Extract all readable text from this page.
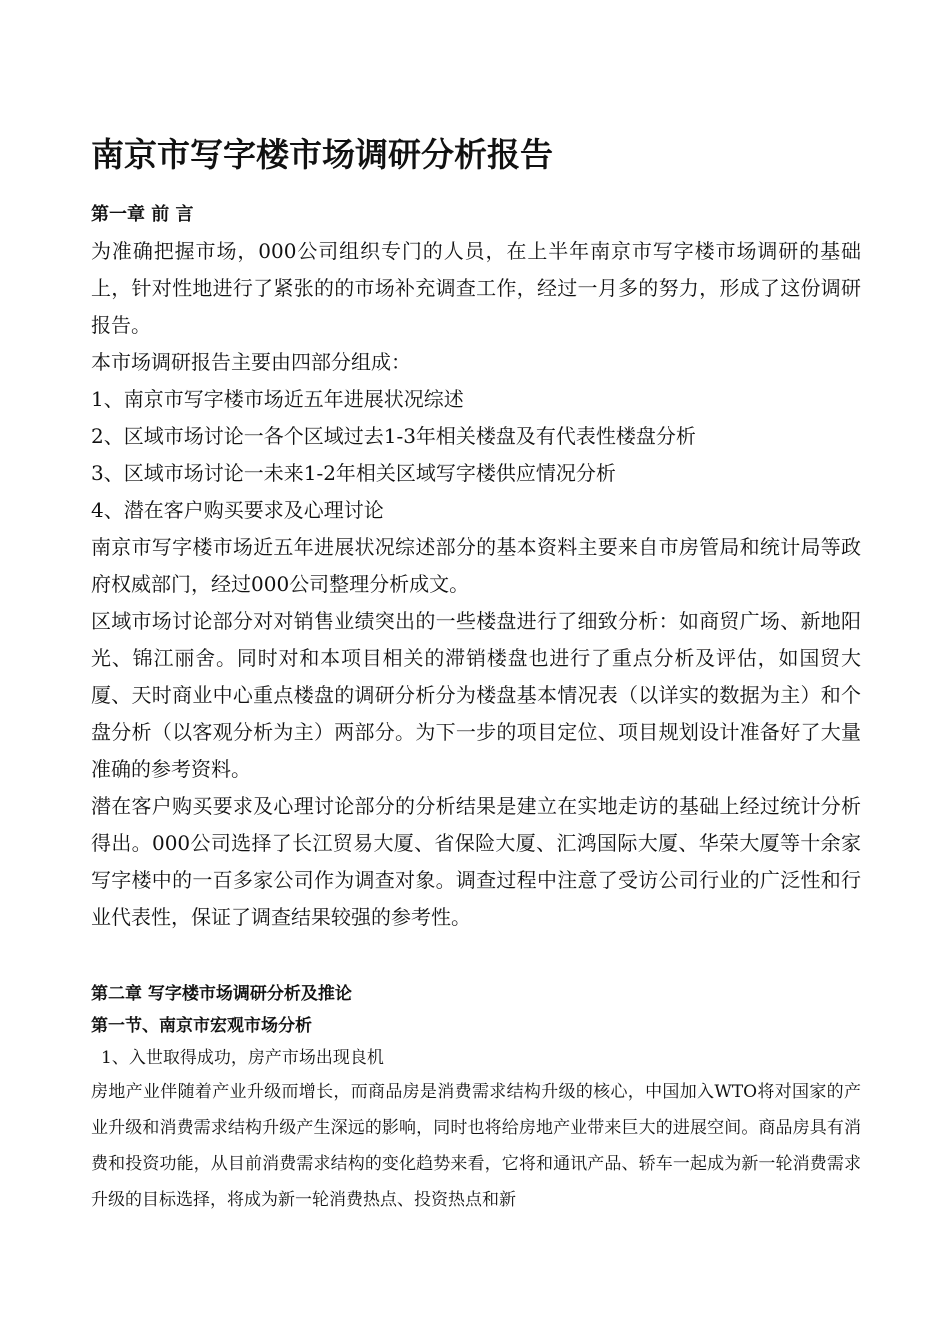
南京市写字楼市场调研分析报告

第一章 前 言

为准确把握市场，000公司组织专门的人员，在上半年南京市写字楼市场调研的基础上，针对性地进行了紧张的的市场补充调查工作，经过一月多的努力，形成了这份调研报告。

本市场调研报告主要由四部分组成：

1、南京市写字楼市场近五年进展状况综述

2、区域市场讨论一各个区域过去1-3年相关楼盘及有代表性楼盘分析

3、区域市场讨论一未来1-2年相关区域写字楼供应情况分析

4、潜在客户购买要求及心理讨论

南京市写字楼市场近五年进展状况综述部分的基本资料主要来自市房管局和统计局等政府权威部门，经过000公司整理分析成文。

区域市场讨论部分对对销售业绩突出的一些楼盘进行了细致分析：如商贸广场、新地阳光、锦江丽舍。同时对和本项目相关的滞销楼盘也进行了重点分析及评估，如国贸大厦、天时商业中心重点楼盘的调研分析分为楼盘基本情况表（以详实的数据为主）和个盘分析（以客观分析为主）两部分。为下一步的项目定位、项目规划设计准备好了大量准确的参考资料。

潜在客户购买要求及心理讨论部分的分析结果是建立在实地走访的基础上经过统计分析得出。000公司选择了长江贸易大厦、省保险大厦、汇鸿国际大厦、华荣大厦等十余家写字楼中的一百多家公司作为调查对象。调查过程中注意了受访公司行业的广泛性和行业代表性，保证了调查结果较强的参考性。

第二章 写字楼市场调研分析及推论

第一节、南京市宏观市场分析

1、入世取得成功，房产市场出现良机

房地产业伴随着产业升级而增长，而商品房是消费需求结构升级的核心，中国加入WTO将对国家的产业升级和消费需求结构升级产生深远的影响，同时也将给房地产业带来巨大的进展空间。商品房具有消费和投资功能，从目前消费需求结构的变化趋势来看，它将和通讯产品、轿车一起成为新一轮消费需求升级的目标选择，将成为新一轮消费热点、投资热点和新
